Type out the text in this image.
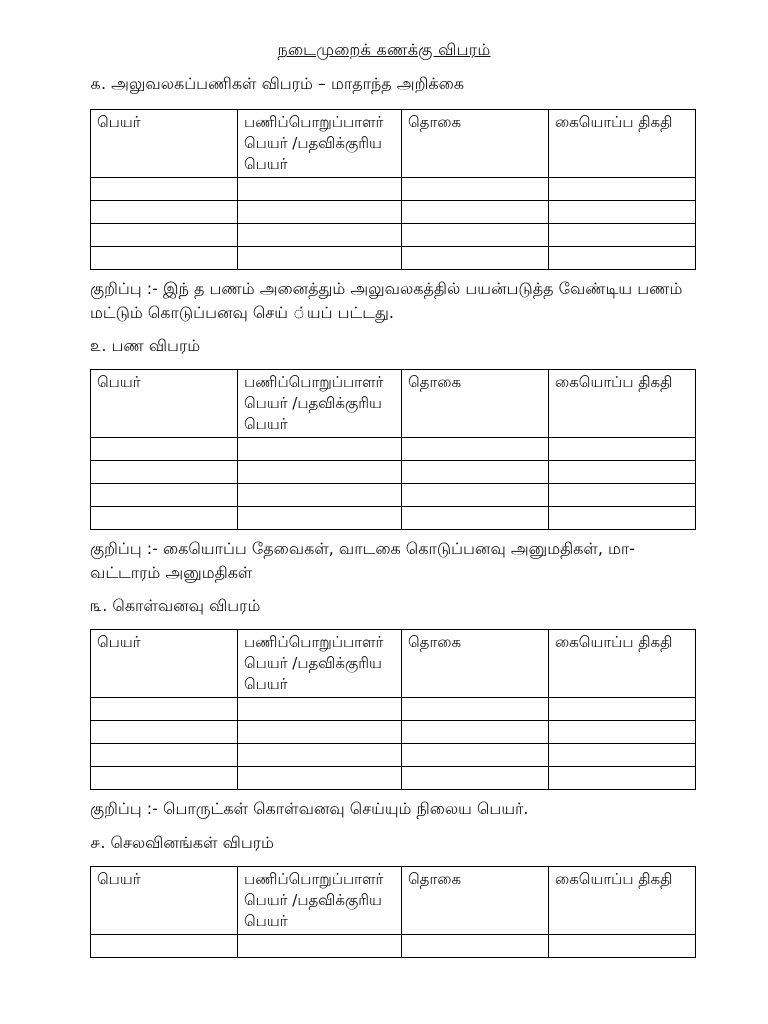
நடைமுறைக் கணக்கு விபரம்
௧. அலுவலகப்பணிகள் விபரம் – மாதாந்த அறிக்கை
பெயர்	பணிப்பொறுப்பாளர் பெயர் /பதவிக்குரிய பெயர்	தொகை	கையொப்ப திகதி

குறிப்பு :- இந் த பணம் அனைத்தும் அலுவலகத்தில் பயன்படுத்த வேண்டிய பணம் மட்டும் கொடுப்பனவு செய் ்யப் பட்டது.
௨. பண விபரம்
பெயர்	பணிப்பொறுப்பாளர் பெயர் /பதவிக்குரிய பெயர்	தொகை	கையொப்ப திகதி

குறிப்பு :- கையொப்ப தேவைகள், வாடகை கொடுப்பனவு அனுமதிகள், மா-வட்டாரம் அனுமதிகள்
௩. கொள்வனவு விபரம்
பெயர்	பணிப்பொறுப்பாளர் பெயர் /பதவிக்குரிய பெயர்	தொகை	கையொப்ப திகதி

குறிப்பு :- பொருட்கள் கொள்வனவு செய்யும் நிலைய பெயர்.
௪. செலவினங்கள் விபரம்
பெயர்	பணிப்பொறுப்பாளர் பெயர் /பதவிக்குரிய பெயர்	தொகை	கையொப்ப திகதி
